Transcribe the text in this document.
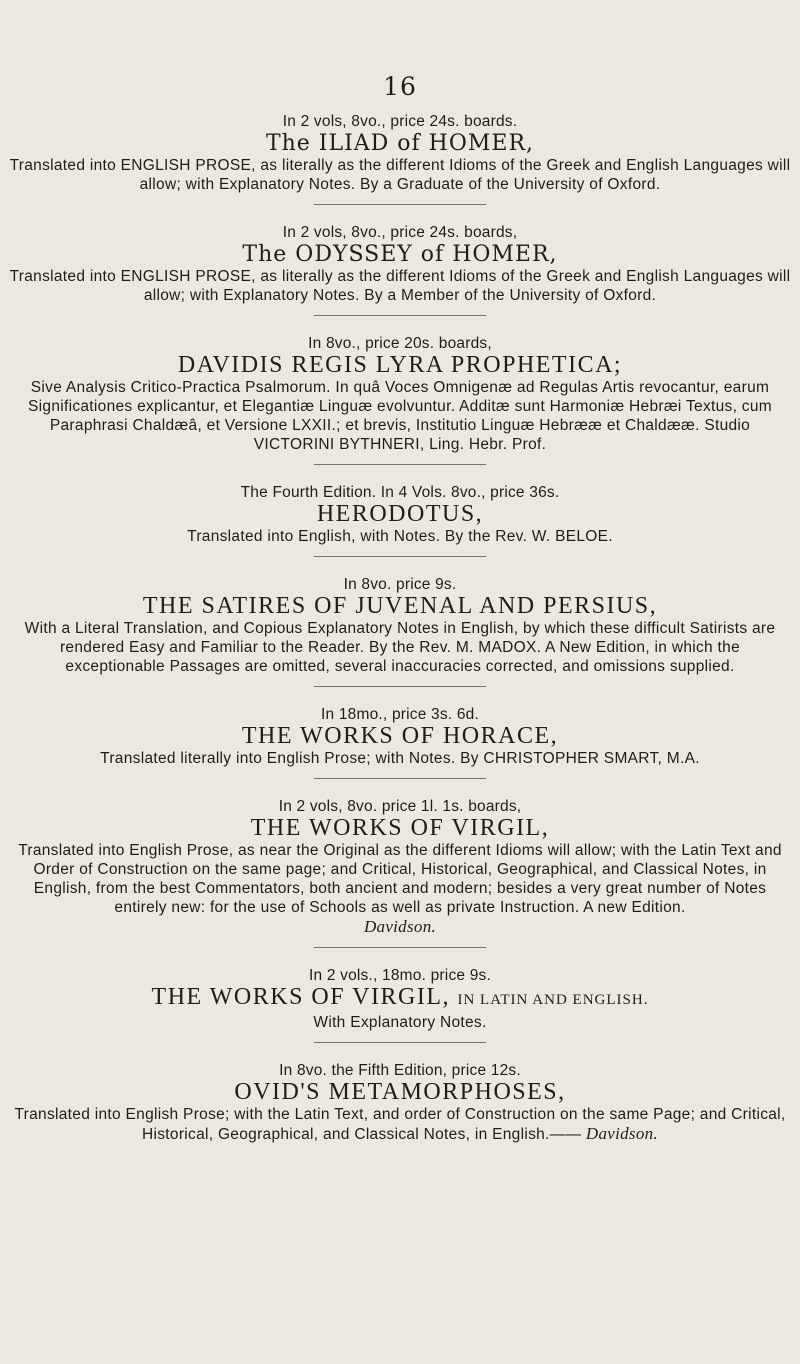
16
In 2 vols, 8vo., price 24s. boards.
The ILIAD of HOMER,
Translated into ENGLISH PROSE, as literally as the different Idioms of the Greek and English Languages will allow; with Explanatory Notes. By a Graduate of the University of Oxford.
In 2 vols, 8vo., price 24s. boards,
The ODYSSEY of HOMER,
Translated into ENGLISH PROSE, as literally as the different Idioms of the Greek and English Languages will allow; with Explanatory Notes. By a Member of the University of Oxford.
In 8vo., price 20s. boards,
DAVIDIS REGIS LYRA PROPHETICA;
Sive Analysis Critico-Practica Psalmorum. In quâ Voces Omnigenæ ad Regulas Artis revocantur, earum Significationes explicantur, et Elegantiæ Linguæ evolvuntur. Additæ sunt Harmoniæ Hebræi Textus, cum Paraphrasi Chaldæâ, et Versione LXXII.; et brevis, Institutio Linguæ Hebrææ et Chaldææ. Studio VICTORINI BYTHNERI, Ling. Hebr. Prof.
The Fourth Edition. In 4 Vols. 8vo., price 36s.
HERODOTUS,
Translated into English, with Notes. By the Rev. W. BELOE.
In 8vo. price 9s.
THE SATIRES OF JUVENAL AND PERSIUS,
With a Literal Translation, and Copious Explanatory Notes in English, by which these difficult Satirists are rendered Easy and Familiar to the Reader. By the Rev. M. MADOX. A New Edition, in which the exceptionable Passages are omitted, several inaccuracies corrected, and omissions supplied.
In 18mo., price 3s. 6d.
THE WORKS OF HORACE,
Translated literally into English Prose; with Notes. By CHRISTOPHER SMART, M.A.
In 2 vols, 8vo. price 1l. 1s. boards,
THE WORKS OF VIRGIL,
Translated into English Prose, as near the Original as the different Idioms will allow; with the Latin Text and Order of Construction on the same page; and Critical, Historical, Geographical, and Classical Notes, in English, from the best Commentators, both ancient and modern; besides a very great number of Notes entirely new: for the use of Schools as well as private Instruction. A new Edition.
Davidson.
In 2 vols., 18mo. price 9s.
THE WORKS OF VIRGIL, IN LATIN AND ENGLISH.
With Explanatory Notes.
In 8vo. the Fifth Edition, price 12s.
OVID'S METAMORPHOSES,
Translated into English Prose; with the Latin Text, and order of Construction on the same Page; and Critical, Historical, Geographical, and Classical Notes, in English.—— Davidson.
